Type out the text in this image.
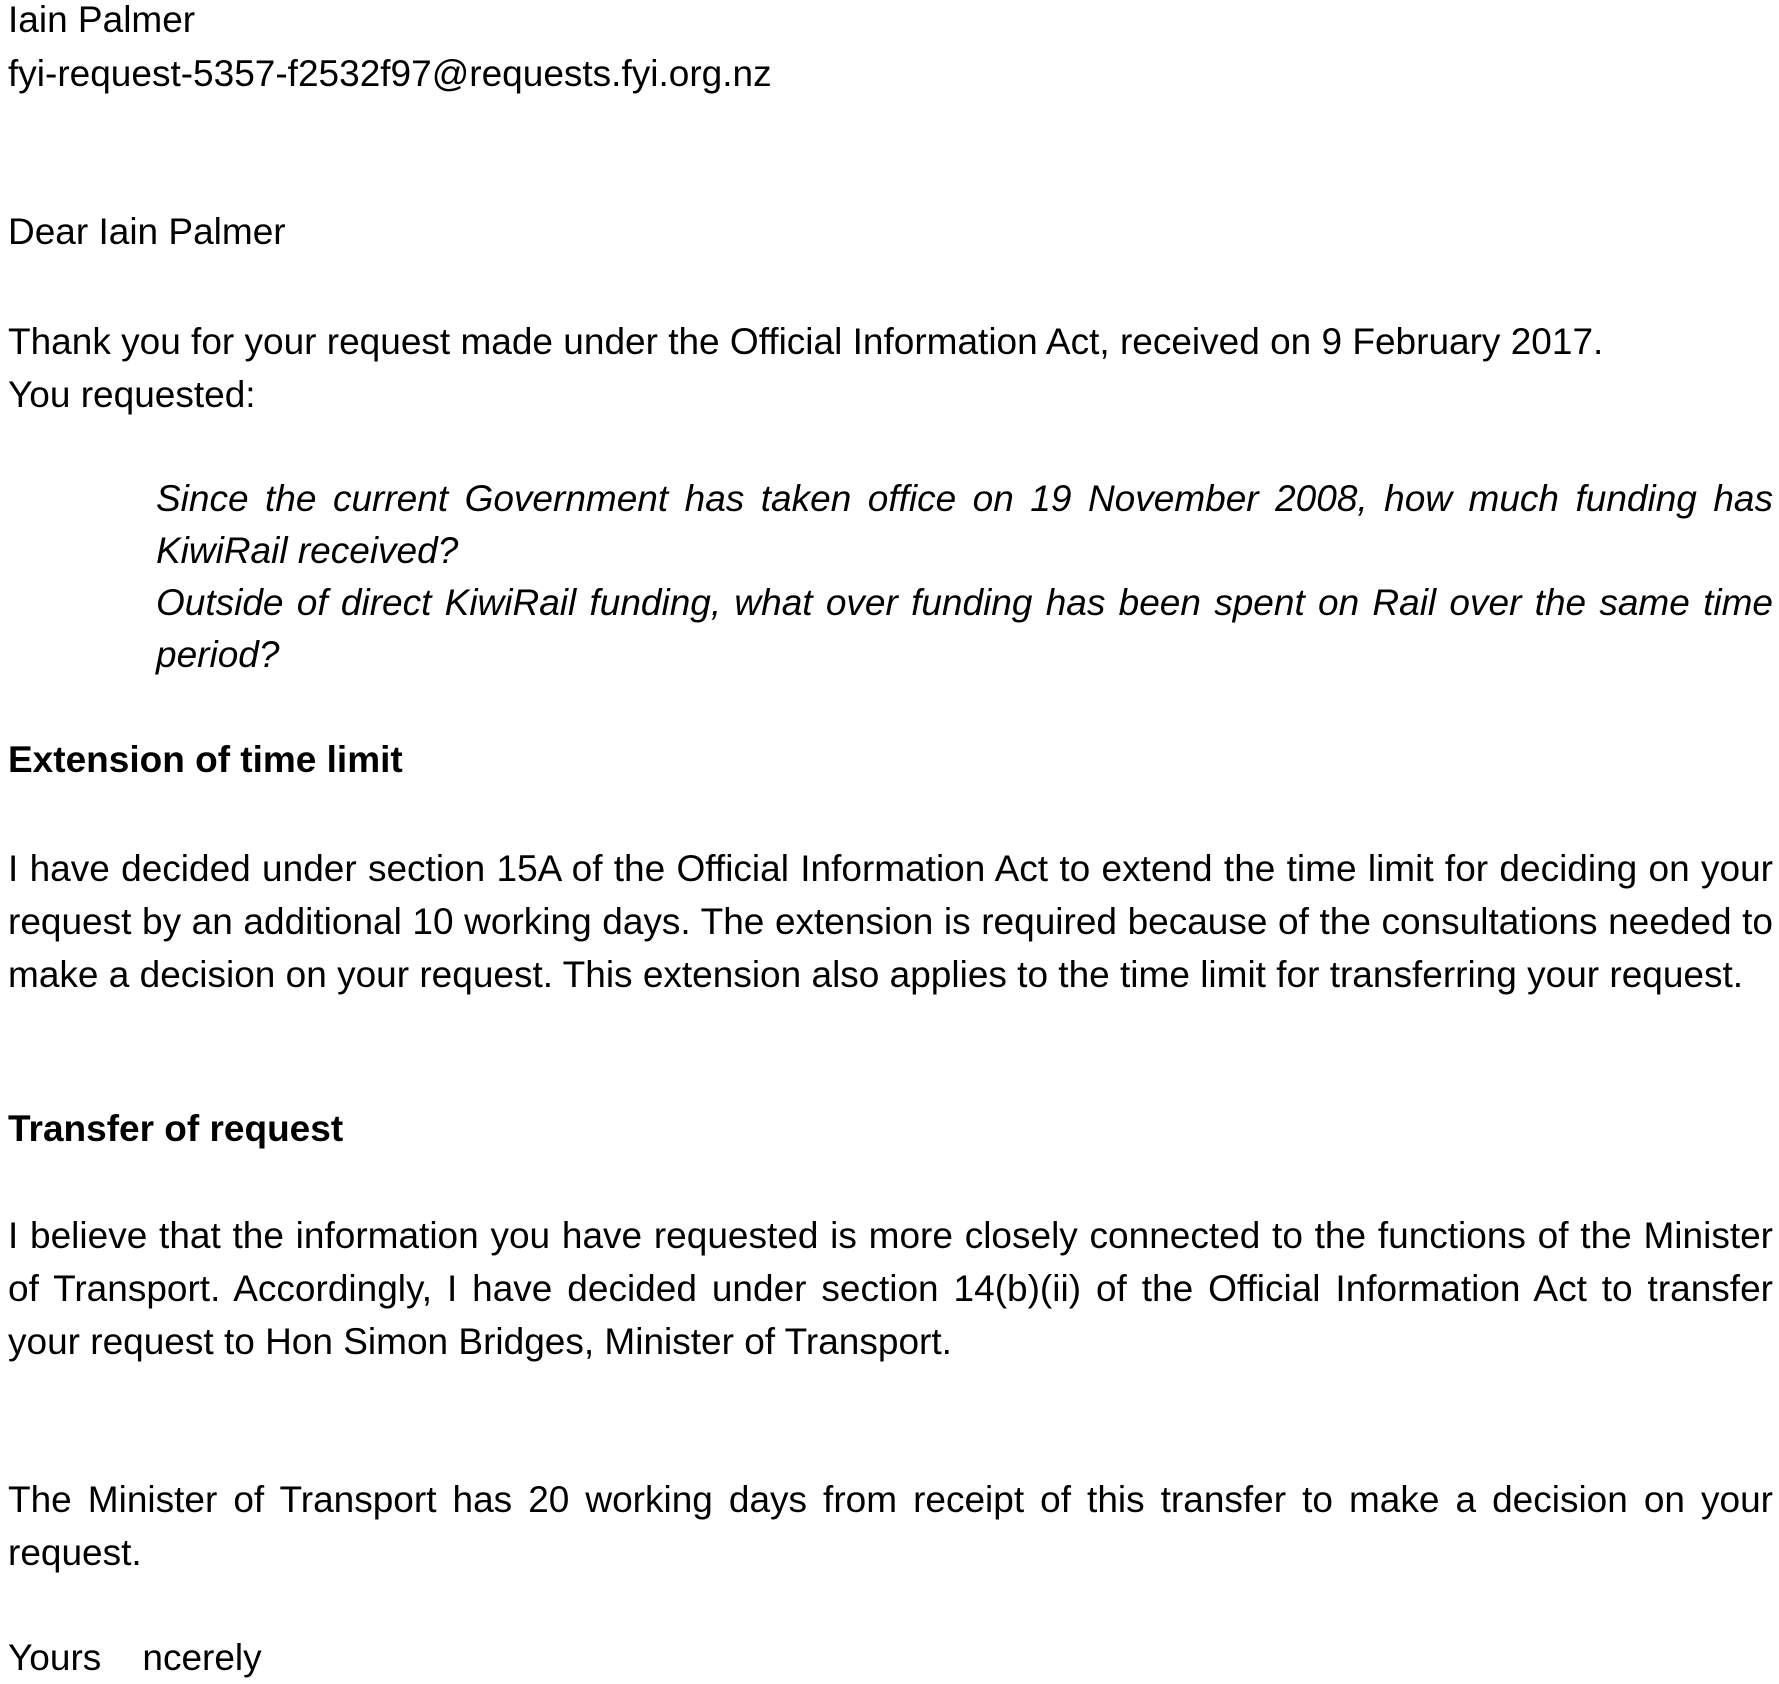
Iain Palmer

fyi-request-5357-f2532f97@requests.fyi.org.nz

Dear Iain Palmer

Thank you for your request made under the Official Information Act, received on 9 February 2017. You requested:

Since the current Government has taken office on 19 November 2008, how much funding has KiwiRail received?

Outside of direct KiwiRail funding, what over funding has been spent on Rail over the same time period?

Extension of time limit

I have decided under section 15A of the Official Information Act to extend the time limit for deciding on your request by an additional 10 working days. The extension is required because of the consultations needed to make a decision on your request. This extension also applies to the time limit for transferring your request.

Transfer of request

I believe that the information you have requested is more closely connected to the functions of the Minister of Transport. Accordingly, I have decided under section 14(b)(ii) of the Official Information Act to transfer your request to Hon Simon Bridges, Minister of Transport.

The Minister of Transport has 20 working days from receipt of this transfer to make a decision on your request.

Yours    ncerely
